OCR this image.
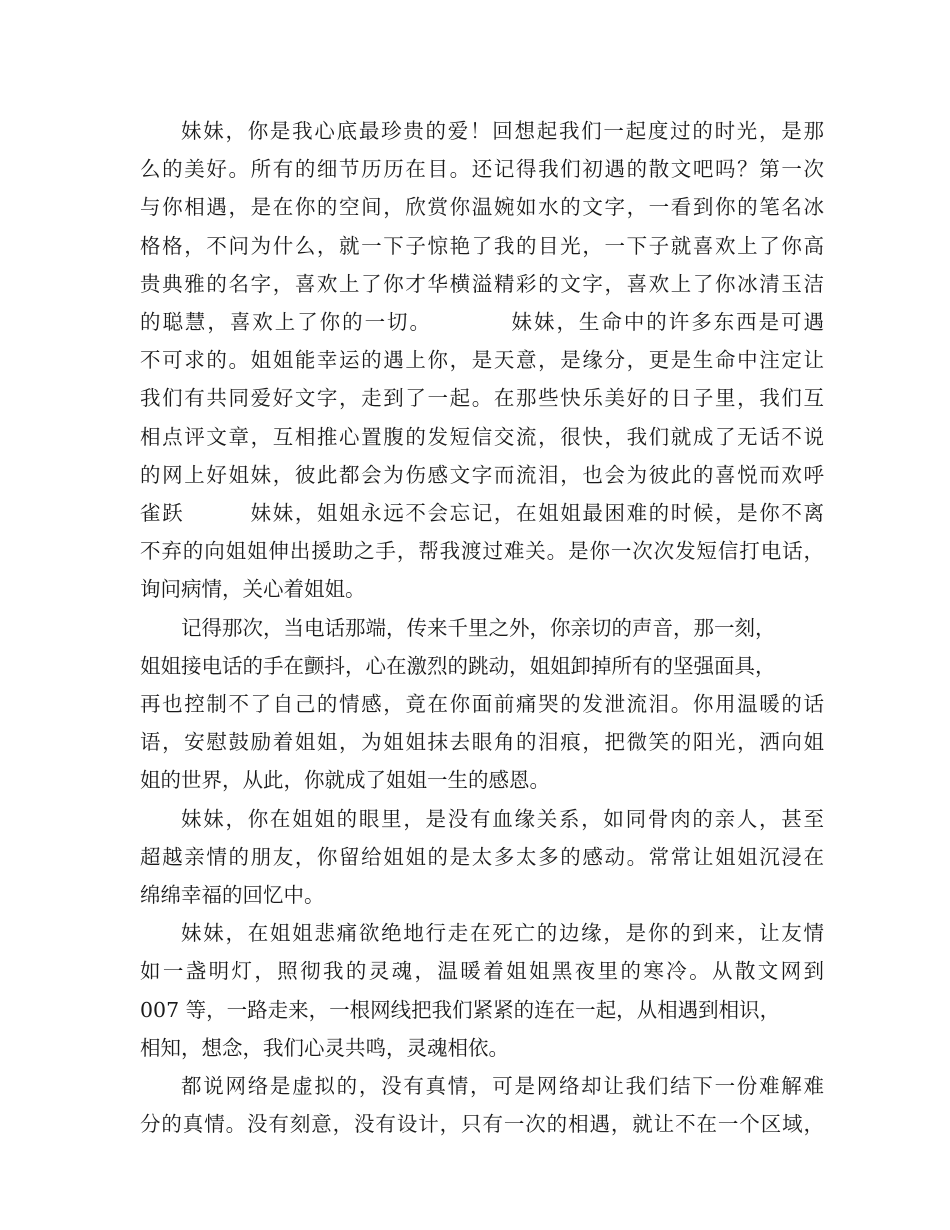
妹妹，你是我心底最珍贵的爱！回想起我们一起度过的时光，是那
么的美好。所有的细节历历在目。还记得我们初遇的散文吧吗？第一次
与你相遇，是在你的空间，欣赏你温婉如水的文字，一看到你的笔名冰
格格，不问为什么，就一下子惊艳了我的目光，一下子就喜欢上了你高
贵典雅的名字，喜欢上了你才华横溢精彩的文字，喜欢上了你冰清玉洁
的聪慧，喜欢上了你的一切。　　　　妹妹，生命中的许多东西是可遇
不可求的。姐姐能幸运的遇上你，是天意，是缘分，更是生命中注定让
我们有共同爱好文字，走到了一起。在那些快乐美好的日子里，我们互
相点评文章，互相推心置腹的发短信交流，很快，我们就成了无话不说
的网上好姐妹，彼此都会为伤感文字而流泪，也会为彼此的喜悦而欢呼
雀跃　　　妹妹，姐姐永远不会忘记，在姐姐最困难的时候，是你不离
不弃的向姐姐伸出援助之手，帮我渡过难关。是你一次次发短信打电话，
询问病情，关心着姐姐。
记得那次，当电话那端，传来千里之外，你亲切的声音，那一刻，
姐姐接电话的手在颤抖，心在激烈的跳动，姐姐卸掉所有的坚强面具，
再也控制不了自己的情感，竟在你面前痛哭的发泄流泪。你用温暖的话
语，安慰鼓励着姐姐，为姐姐抹去眼角的泪痕，把微笑的阳光，洒向姐
姐的世界，从此，你就成了姐姐一生的感恩。
妹妹，你在姐姐的眼里，是没有血缘关系，如同骨肉的亲人，甚至
超越亲情的朋友，你留给姐姐的是太多太多的感动。常常让姐姐沉浸在
绵绵幸福的回忆中。
妹妹，在姐姐悲痛欲绝地行走在死亡的边缘，是你的到来，让友情
如一盏明灯，照彻我的灵魂，温暖着姐姐黑夜里的寒冷。从散文网到
007 等，一路走来，一根网线把我们紧紧的连在一起，从相遇到相识，
相知，想念，我们心灵共鸣，灵魂相依。
都说网络是虚拟的，没有真情，可是网络却让我们结下一份难解难
分的真情。没有刻意，没有设计，只有一次的相遇，就让不在一个区域，
